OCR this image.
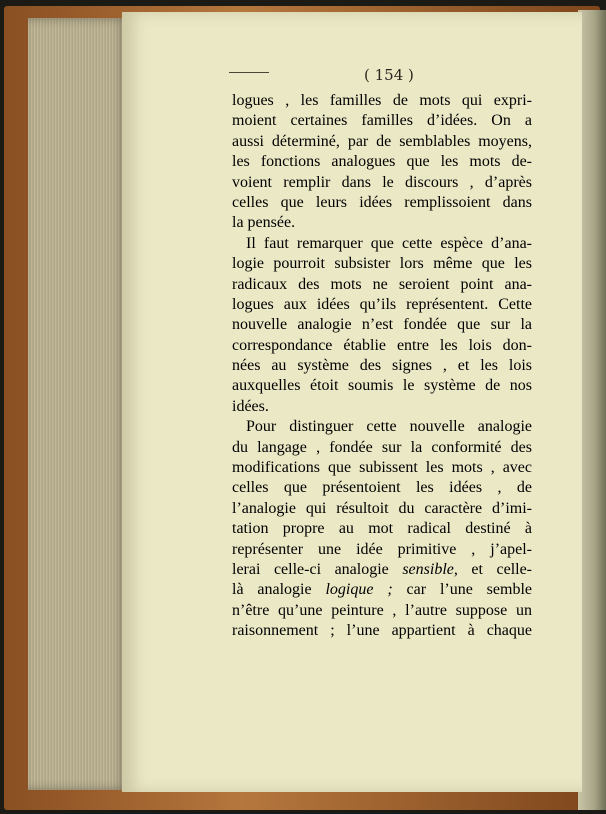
( 154 )
logues , les familles de mots qui expri-
moient certaines familles d’idées. On a
aussi déterminé, par de semblables moyens,
les fonctions analogues que les mots de-
voient remplir dans le discours , d’après
celles que leurs idées remplissoient dans
la pensée.
Il faut remarquer que cette espèce d’ana-
logie pourroit subsister lors même que les
radicaux des mots ne seroient point ana-
logues aux idées qu’ils représentent. Cette
nouvelle analogie n’est fondée que sur la
correspondance établie entre les lois don-
nées au système des signes , et les lois
auxquelles étoit soumis le système de nos
idées.
Pour distinguer cette nouvelle analogie
du langage , fondée sur la conformité des
modifications que subissent les mots , avec
celles que présentoient les idées , de
l’analogie qui résultoit du caractère d’imi-
tation propre au mot radical destiné à
représenter une idée primitive , j’apel-
lerai celle-ci analogie sensible, et celle-
là analogie logique ; car l’une semble
n’être qu’une peinture , l’autre suppose un
raisonnement ; l’une appartient à chaque
